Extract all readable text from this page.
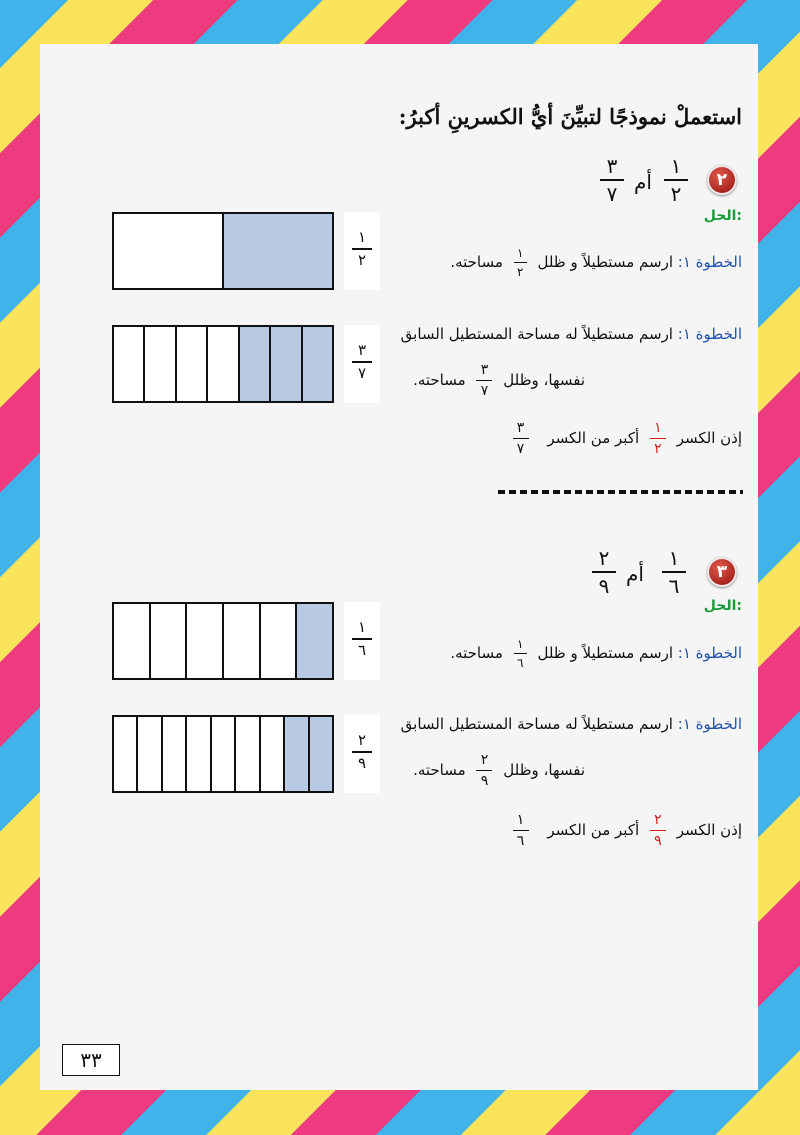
استعملْ نموذجًا لتبيِّنَ أيُّ الكسرينِ أكبرُ:
٢
١
٢
أم
٣
٧
الحل:
١
٢	الخطوة ١: ارسم مستطيلاً و ظلل
١
٢
مساحته.
٣
٧
الخطوة ١: ارسم مستطيلاً له مساحة المستطيل السابق
نفسها، وظلل
٣
٧
مساحته.
إذن الكسر
١
٢
أكبر من الكسر
٣
٧
٣
١
٦
أم
٢
٩
الحل:
١
٦	الخطوة ١: ارسم مستطيلاً و ظلل
١
٦
مساحته.
٢
٩
الخطوة ١: ارسم مستطيلاً له مساحة المستطيل السابق
نفسها، وظلل
٢
٩
مساحته.
إذن الكسر
٢
٩
أكبر من الكسر
١
٦
٣٣
